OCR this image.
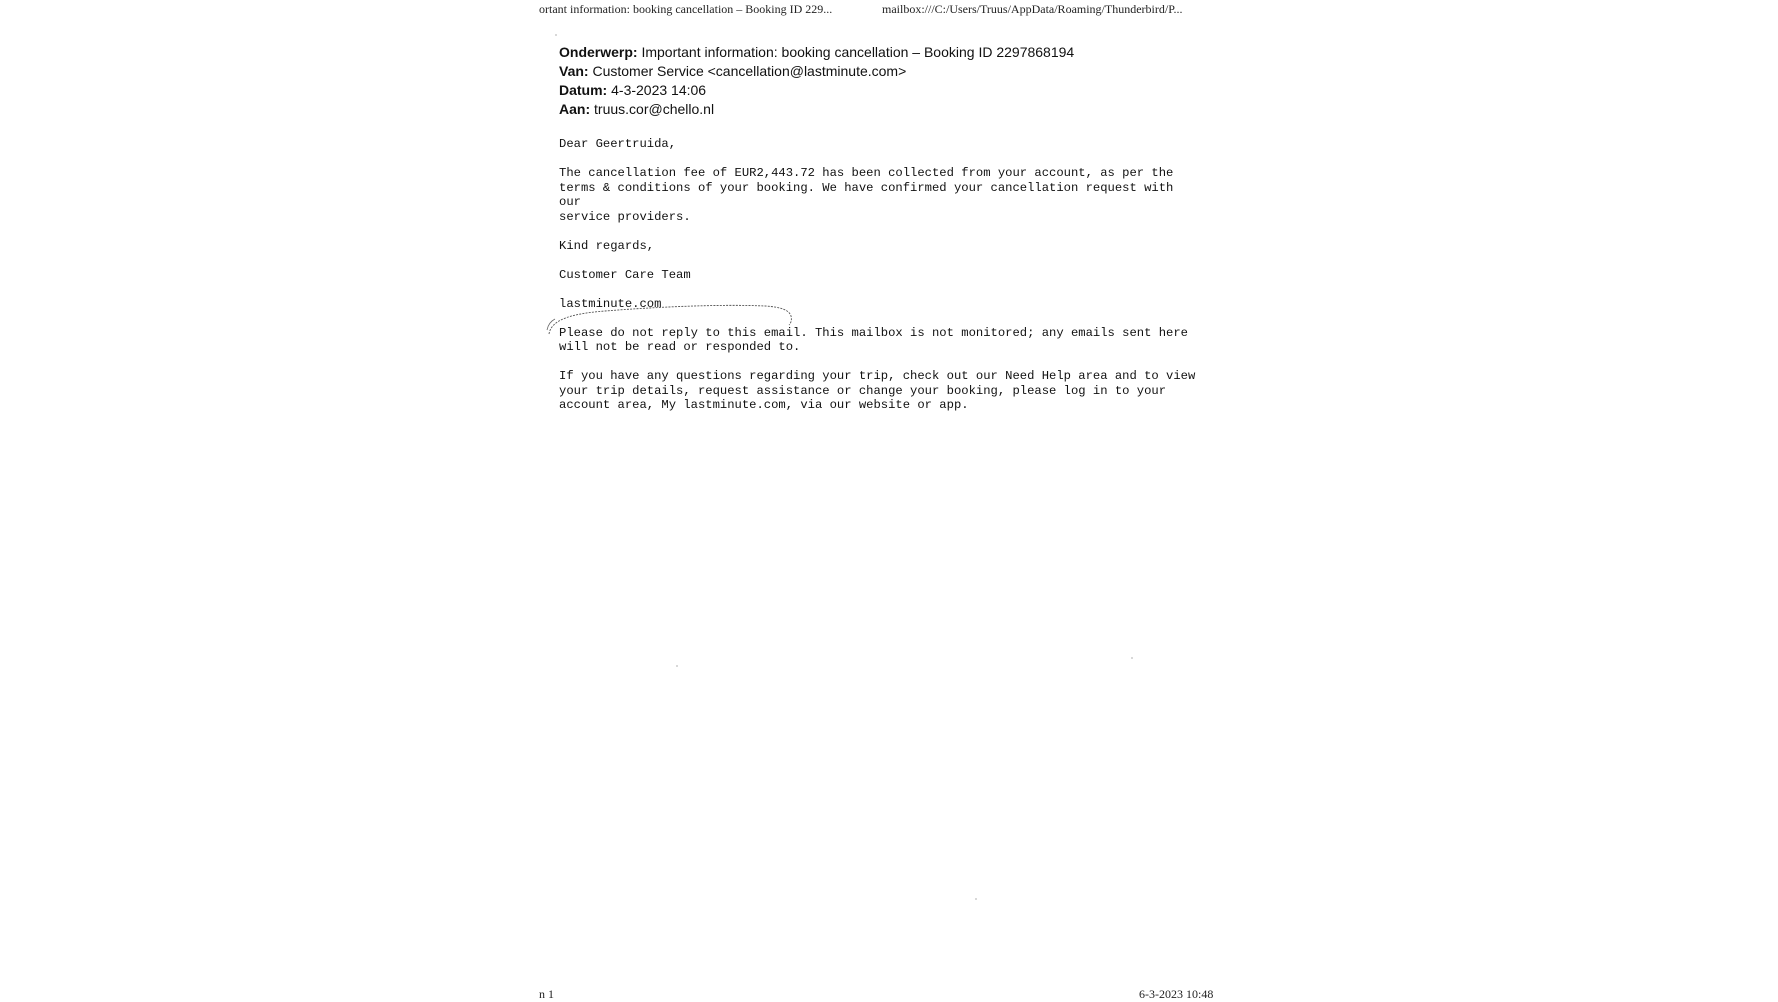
ortant information: booking cancellation – Booking ID 229...	mailbox:///C:/Users/Truus/AppData/Roaming/Thunderbird/P...
Onderwerp: Important information: booking cancellation – Booking ID 2297868194
Van: Customer Service <cancellation@lastminute.com>
Datum: 4-3-2023 14:06
Aan: truus.cor@chello.nl

Dear Geertruida,

The cancellation fee of EUR2,443.72 has been collected from your account, as per the
terms & conditions of your booking. We have confirmed your cancellation request with our
service providers.

Kind regards,

Customer Care Team

lastminute.com

Please do not reply to this email. This mailbox is not monitored; any emails sent here
will not be read or responded to.

If you have any questions regarding your trip, check out our Need Help area and to view
your trip details, request assistance or change your booking, please log in to your
account area, My lastminute.com, via our website or app.

n 1	6-3-2023 10:48
